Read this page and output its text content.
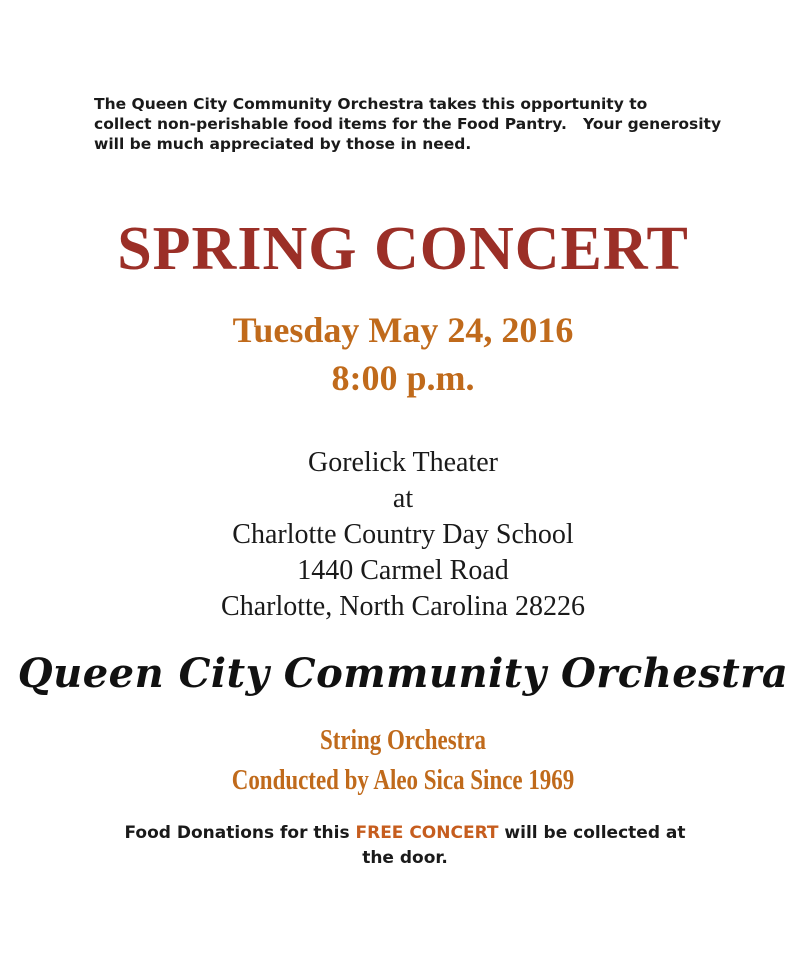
The Queen City Community Orchestra takes this opportunity to
collect non-perishable food items for the Food Pantry.   Your generosity
will be much appreciated by those in need.
SPRING CONCERT
Tuesday May 24, 2016
8:00 p.m.
Gorelick Theater
at
Charlotte Country Day School
1440 Carmel Road
Charlotte, North Carolina 28226
Queen City Community Orchestra
String Orchestra
Conducted by Aleo Sica Since 1969
Food Donations for this FREE CONCERT will be collected at
the door.
